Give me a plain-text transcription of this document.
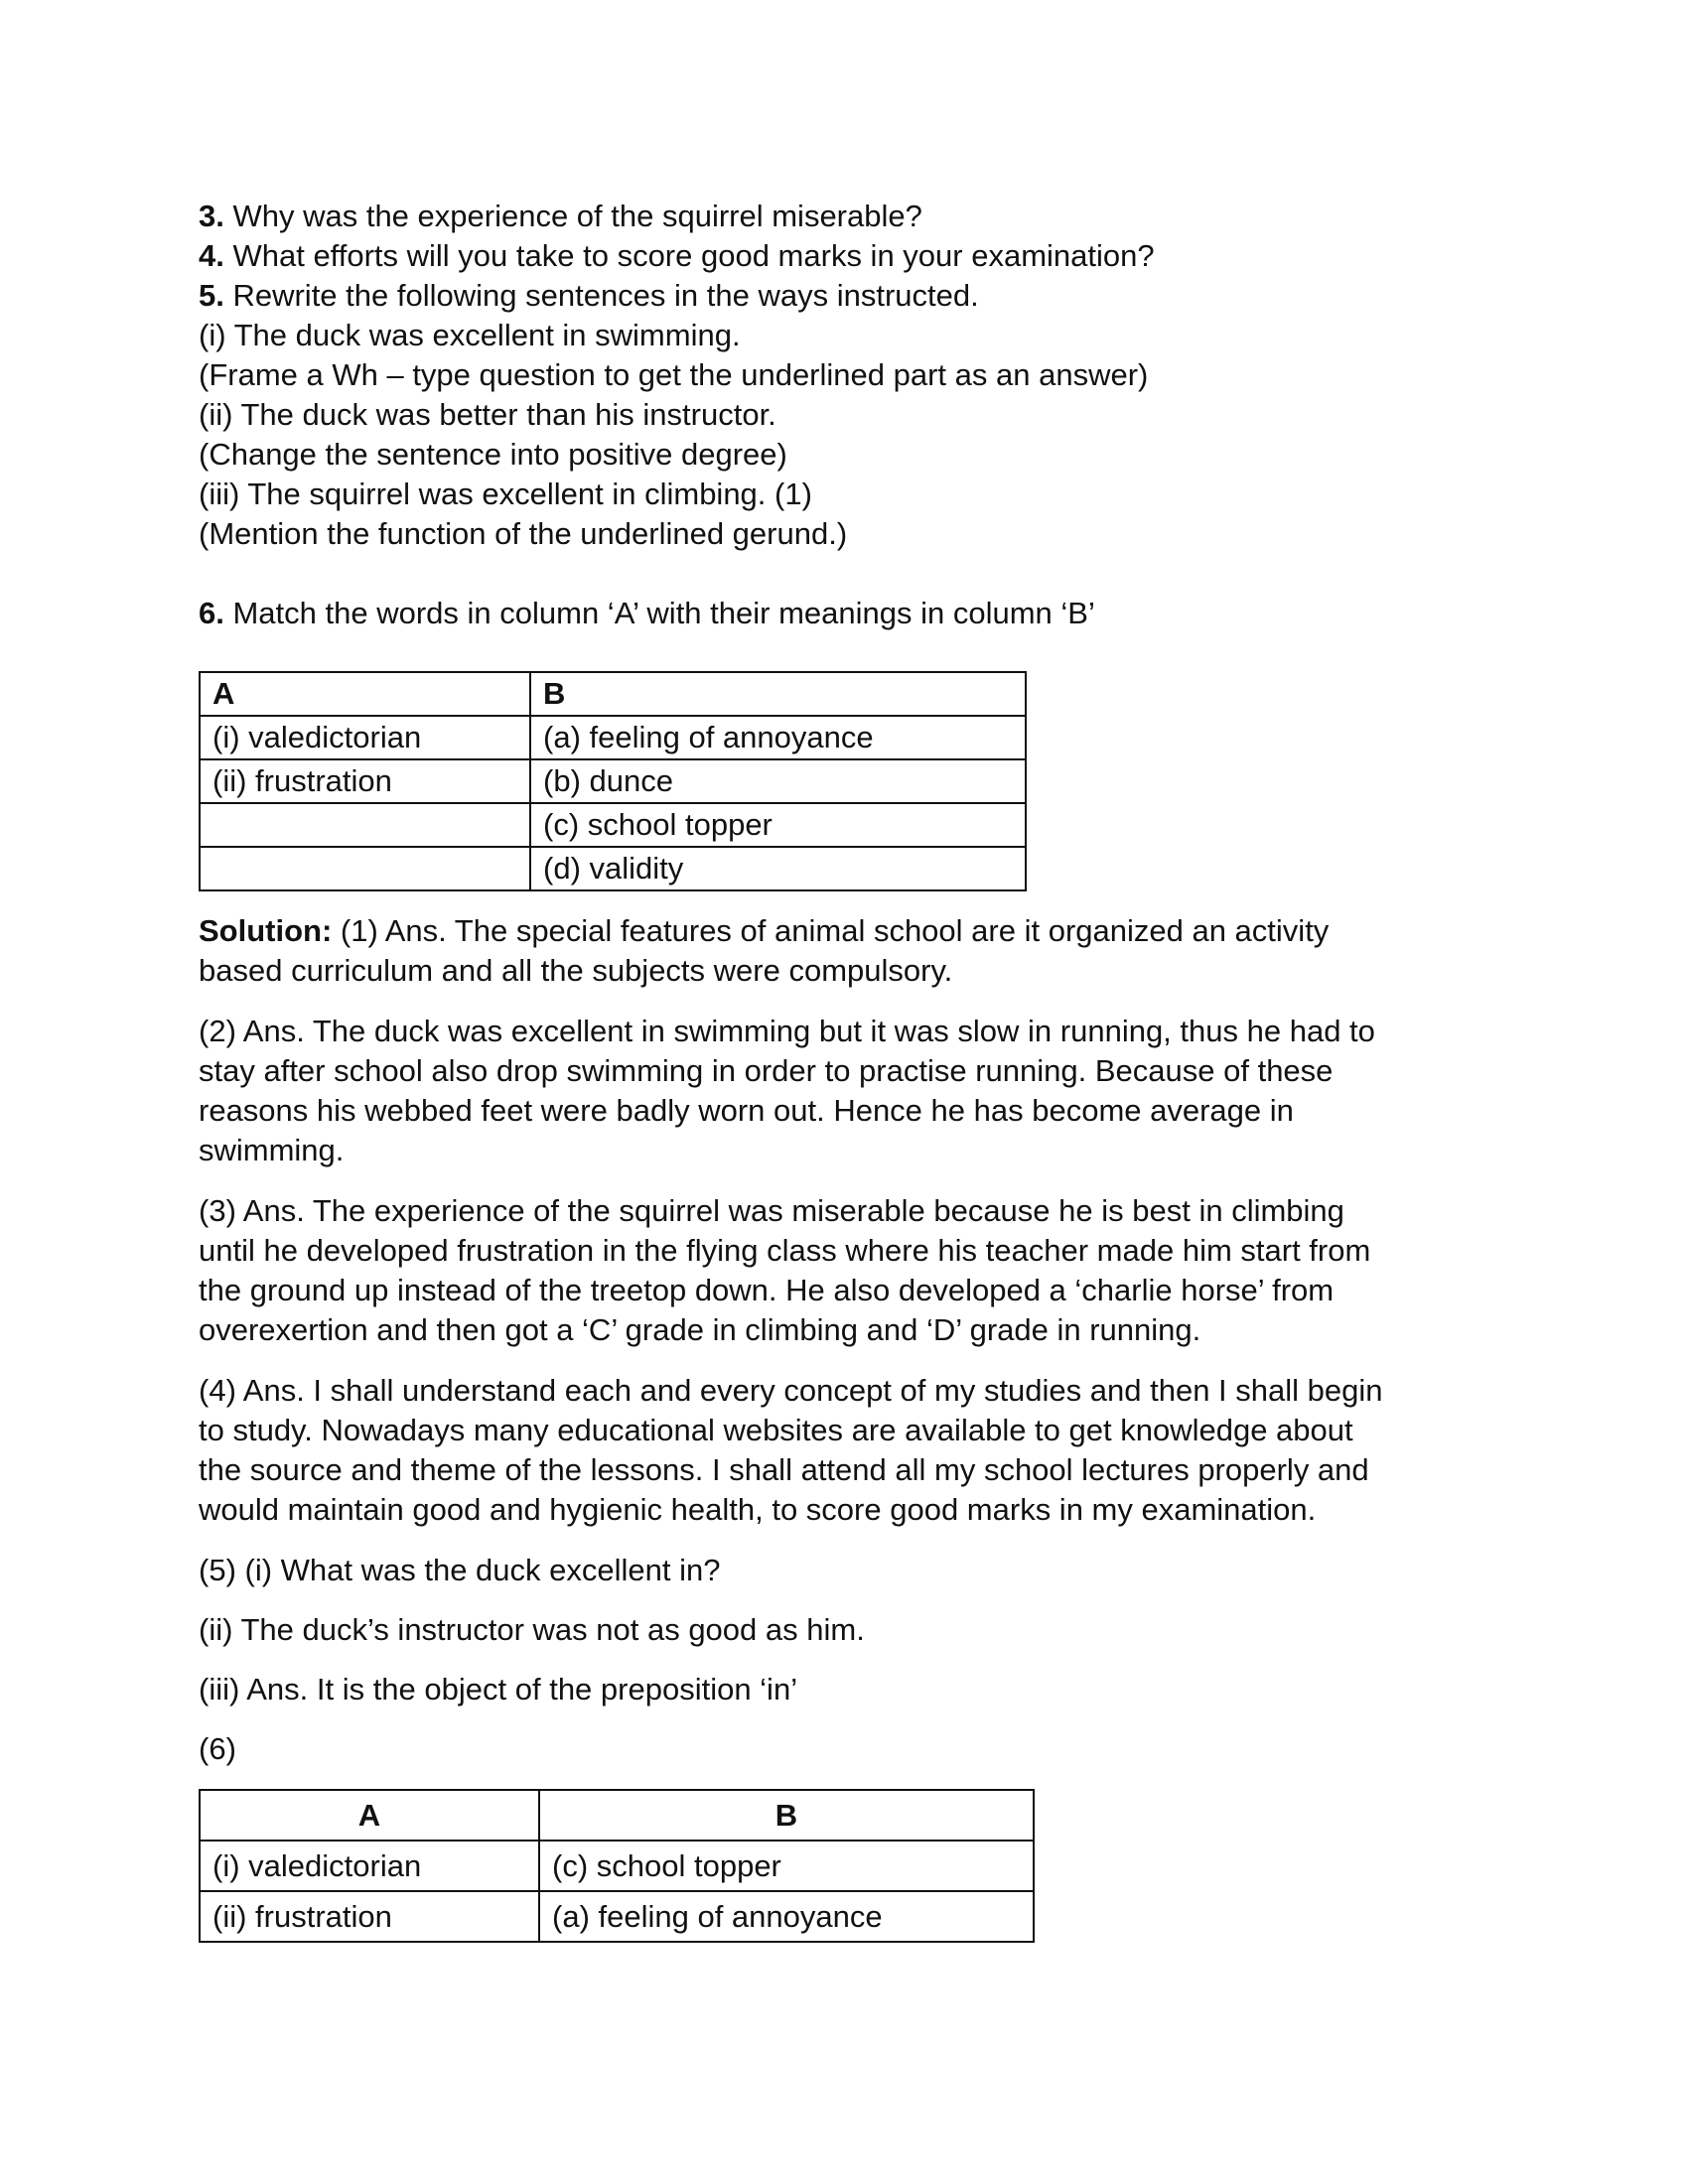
3. Why was the experience of the squirrel miserable?

4. What efforts will you take to score good marks in your examination?

5. Rewrite the following sentences in the ways instructed.

(i) The duck was excellent in swimming.

(Frame a Wh – type question to get the underlined part as an answer)

(ii) The duck was better than his instructor.

(Change the sentence into positive degree)

(iii) The squirrel was excellent in climbing. (1)

(Mention the function of the underlined gerund.)

6. Match the words in column ‘A’ with their meanings in column ‘B’

A	B
(i) valedictorian	(a) feeling of annoyance
(ii) frustration	(b) dunce
	(c) school topper
	(d) validity

Solution: (1) Ans. The special features of animal school are it organized an activity

based curriculum and all the subjects were compulsory.

(2) Ans. The duck was excellent in swimming but it was slow in running, thus he had to

stay after school also drop swimming in order to practise running. Because of these

reasons his webbed feet were badly worn out. Hence he has become average in

swimming.

(3) Ans. The experience of the squirrel was miserable because he is best in climbing

until he developed frustration in the flying class where his teacher made him start from

the ground up instead of the treetop down. He also developed a ‘charlie horse’ from

overexertion and then got a ‘C’ grade in climbing and ‘D’ grade in running.

(4) Ans. I shall understand each and every concept of my studies and then I shall begin

to study. Nowadays many educational websites are available to get knowledge about

the source and theme of the lessons. I shall attend all my school lectures properly and

would maintain good and hygienic health, to score good marks in my examination.

(5) (i) What was the duck excellent in?

(ii) The duck’s instructor was not as good as him.

(iii) Ans. It is the object of the preposition ‘in’

(6)

A	B
(i) valedictorian	(c) school topper
(ii) frustration	(a) feeling of annoyance
